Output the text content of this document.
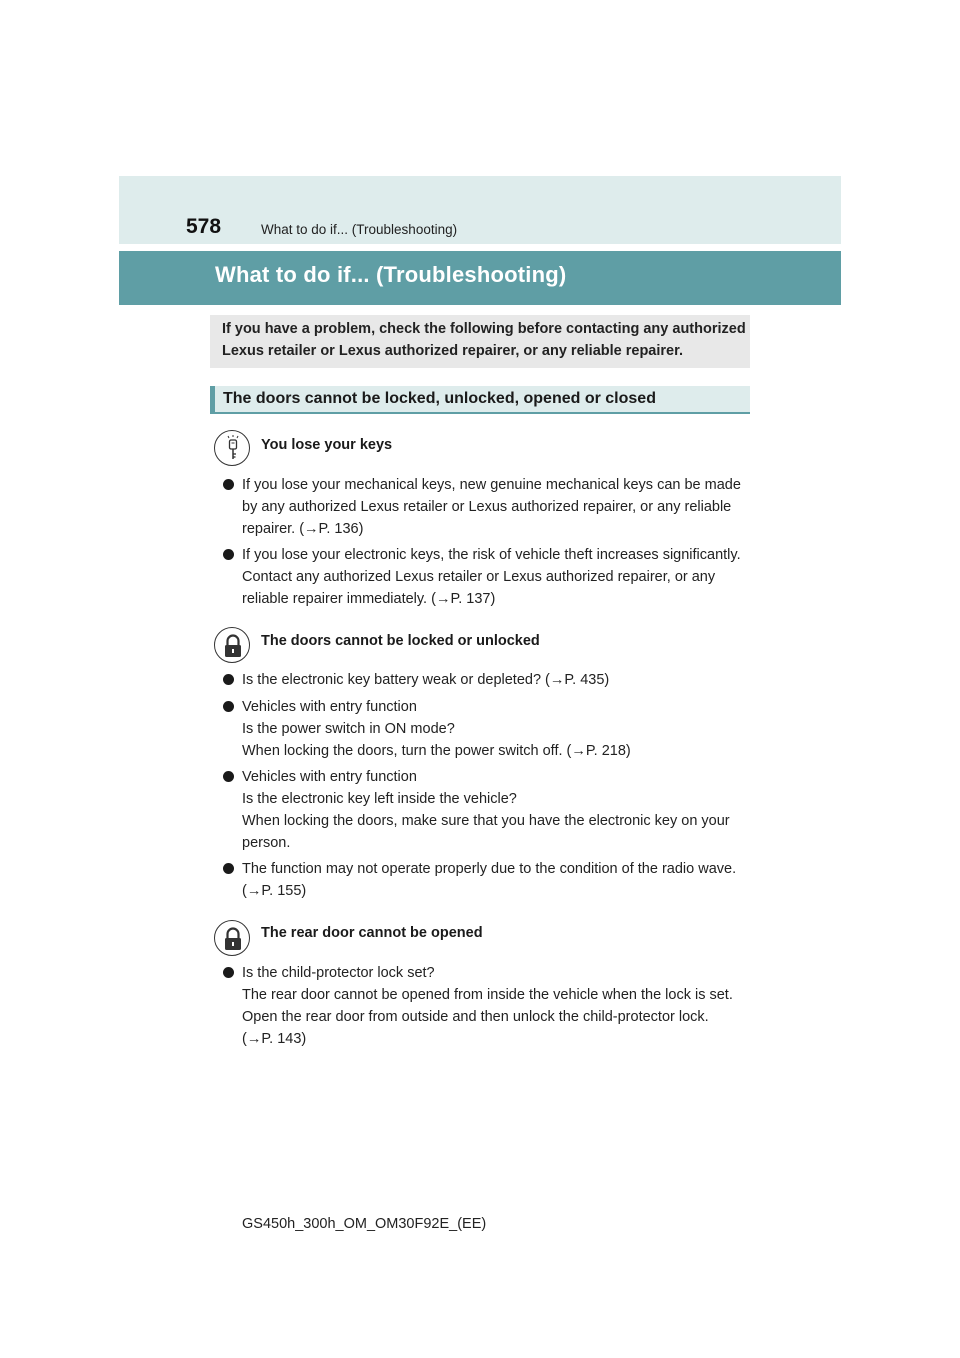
578	What to do if... (Troubleshooting)
What to do if... (Troubleshooting)
If you have a problem, check the following before contacting any authorized Lexus retailer or Lexus authorized repairer, or any reliable repairer.
The doors cannot be locked, unlocked, opened or closed
You lose your keys
If you lose your mechanical keys, new genuine mechanical keys can be made
by any authorized Lexus retailer or Lexus authorized repairer, or any reliable
repairer. (→P. 136)
If you lose your electronic keys, the risk of vehicle theft increases significantly.
Contact any authorized Lexus retailer or Lexus authorized repairer, or any
reliable repairer immediately. (→P. 137)
The doors cannot be locked or unlocked
Is the electronic key battery weak or depleted? (→P. 435)
Vehicles with entry function
Is the power switch in ON mode?
When locking the doors, turn the power switch off. (→P. 218)
Vehicles with entry function
Is the electronic key left inside the vehicle?
When locking the doors, make sure that you have the electronic key on your
person.
The function may not operate properly due to the condition of the radio wave.
(→P. 155)
The rear door cannot be opened
Is the child-protector lock set?
The rear door cannot be opened from inside the vehicle when the lock is set.
Open the rear door from outside and then unlock the child-protector lock.
(→P. 143)
GS450h_300h_OM_OM30F92E_(EE)
